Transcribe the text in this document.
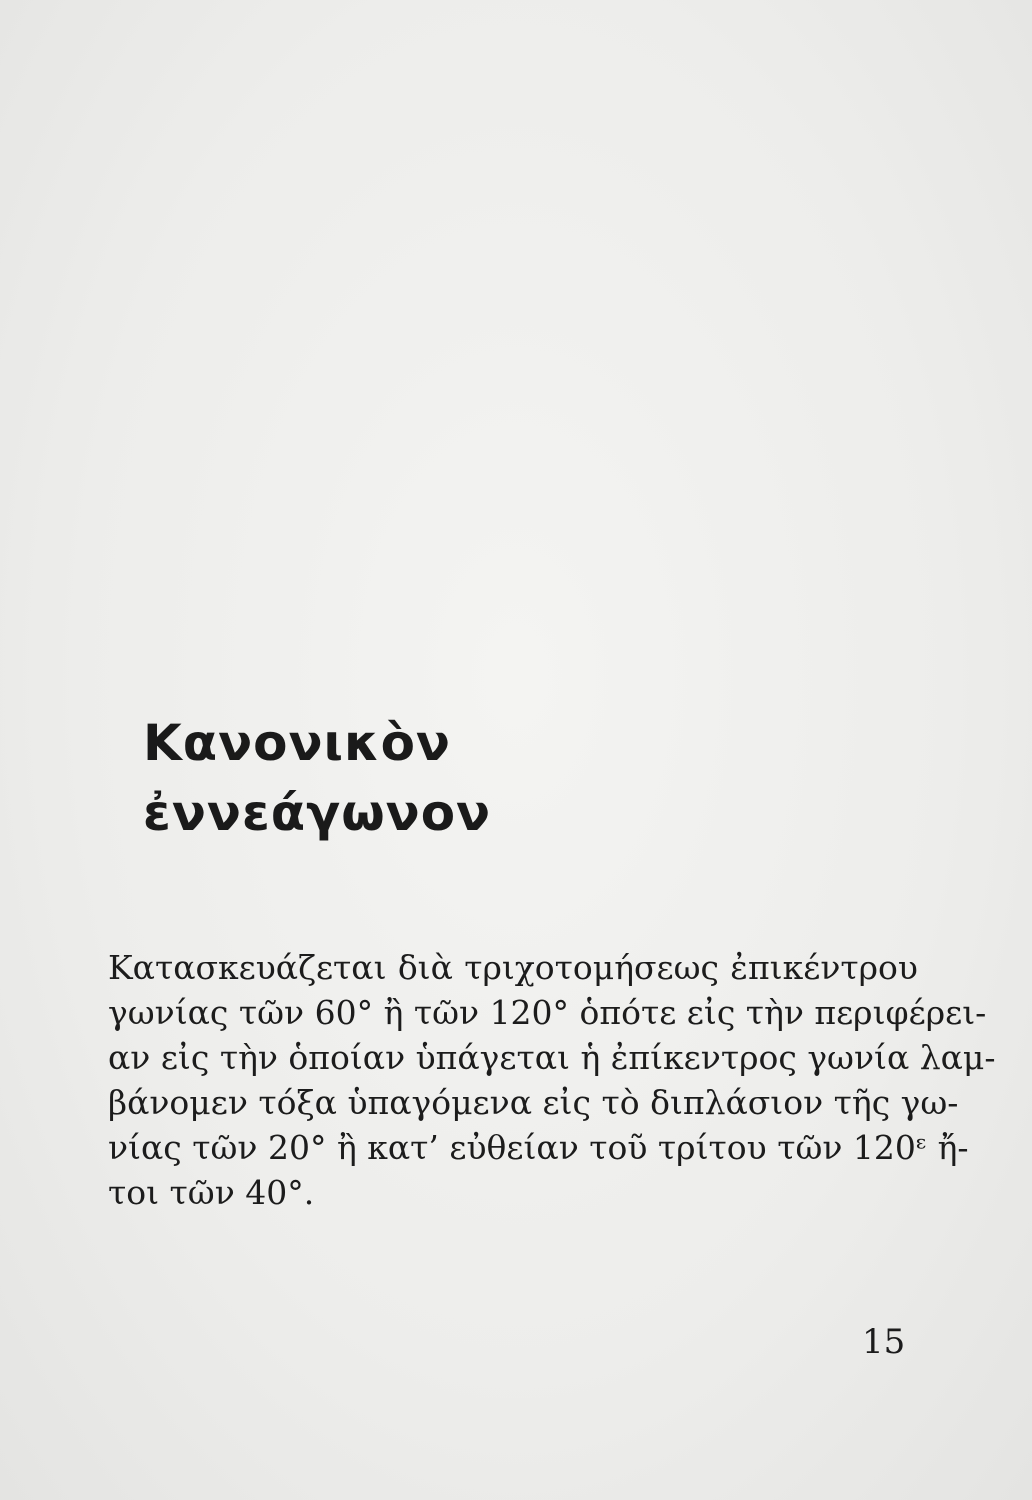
Κανονικὸν
ἐννεάγωνον
Κατασκευάζεται διὰ τριχοτομήσεως ἐπικέντρου
γωνίας τῶν 60° ἢ τῶν 120° ὁπότε εἰς τὴν περιφέρει-
αν εἰς τὴν ὁποίαν ὑπάγεται ἡ ἐπίκεντρος γωνία λαμ-
βάνομεν τόξα ὑπαγόμενα εἰς τὸ διπλάσιον τῆς γω-
νίας τῶν 20° ἢ κατ’ εὐθείαν τοῦ τρίτου τῶν 120ᵋ ἤ-
τοι τῶν 40°.
15
